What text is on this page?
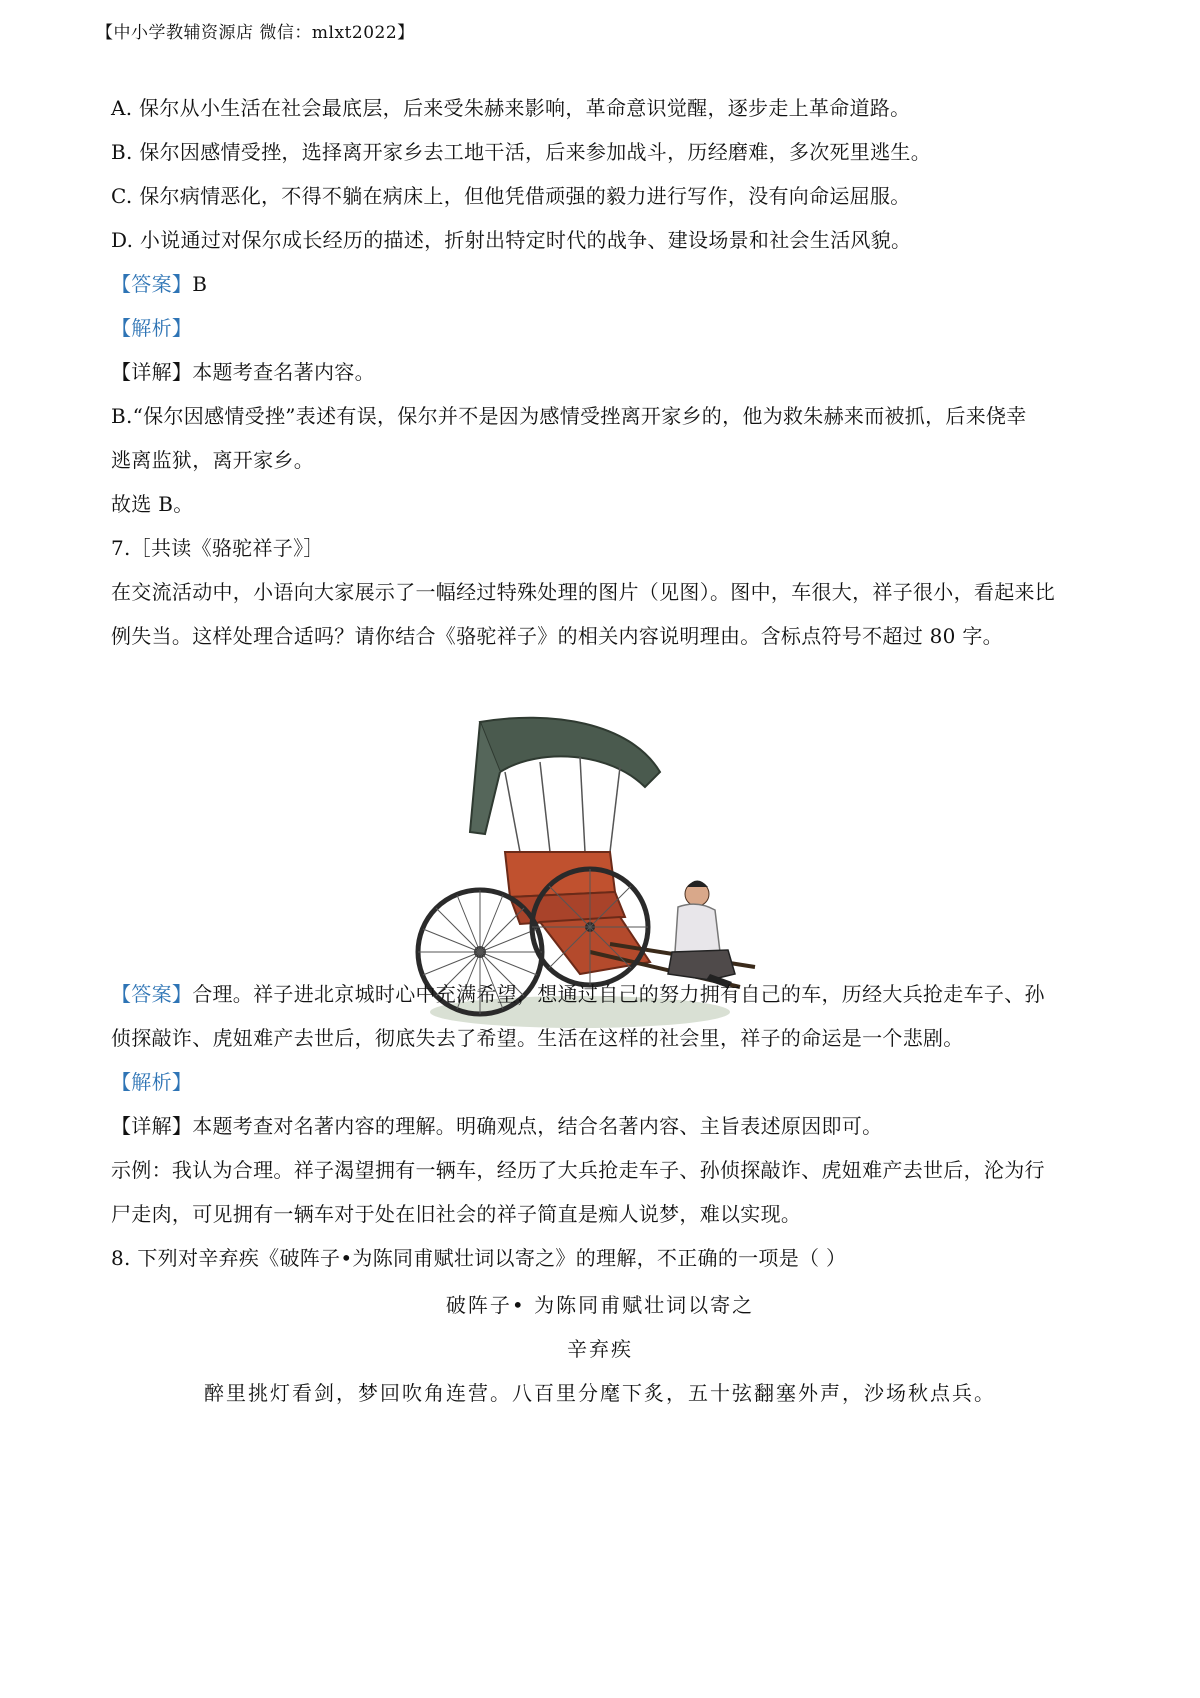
【中小学教辅资源店 微信：mlxt2022】
A. 保尔从小生活在社会最底层，后来受朱赫来影响，革命意识觉醒，逐步走上革命道路。
B. 保尔因感情受挫，选择离开家乡去工地干活，后来参加战斗，历经磨难，多次死里逃生。
C. 保尔病情恶化，不得不躺在病床上，但他凭借顽强的毅力进行写作，没有向命运屈服。
D. 小说通过对保尔成长经历的描述，折射出特定时代的战争、建设场景和社会生活风貌。
【答案】B
【解析】
【详解】本题考查名著内容。
B.“保尔因感情受挫”表述有误，保尔并不是因为感情受挫离开家乡的，他为救朱赫来而被抓，后来侥幸
逃离监狱，离开家乡。
故选 B。
7.［共读《骆驼祥子》］
在交流活动中，小语向大家展示了一幅经过特殊处理的图片（见图）。图中，车很大，祥子很小，看起来比
例失当。这样处理合适吗？请你结合《骆驼祥子》的相关内容说明理由。含标点符号不超过 80 字。
【答案】合理。祥子进北京城时心中充满希望，想通过自己的努力拥有自己的车，历经大兵抢走车子、孙
侦探敲诈、虎妞难产去世后，彻底失去了希望。生活在这样的社会里，祥子的命运是一个悲剧。
【解析】
【详解】本题考查对名著内容的理解。明确观点，结合名著内容、主旨表述原因即可。
示例：我认为合理。祥子渴望拥有一辆车，经历了大兵抢走车子、孙侦探敲诈、虎妞难产去世后，沦为行
尸走肉，可见拥有一辆车对于处在旧社会的祥子简直是痴人说梦，难以实现。
8. 下列对辛弃疾《破阵子•为陈同甫赋壮词以寄之》的理解，不正确的一项是（ ）
破阵子• 为陈同甫赋壮词以寄之
辛弃疾
醉里挑灯看剑，梦回吹角连营。八百里分麾下炙，五十弦翻塞外声，沙场秋点兵。
